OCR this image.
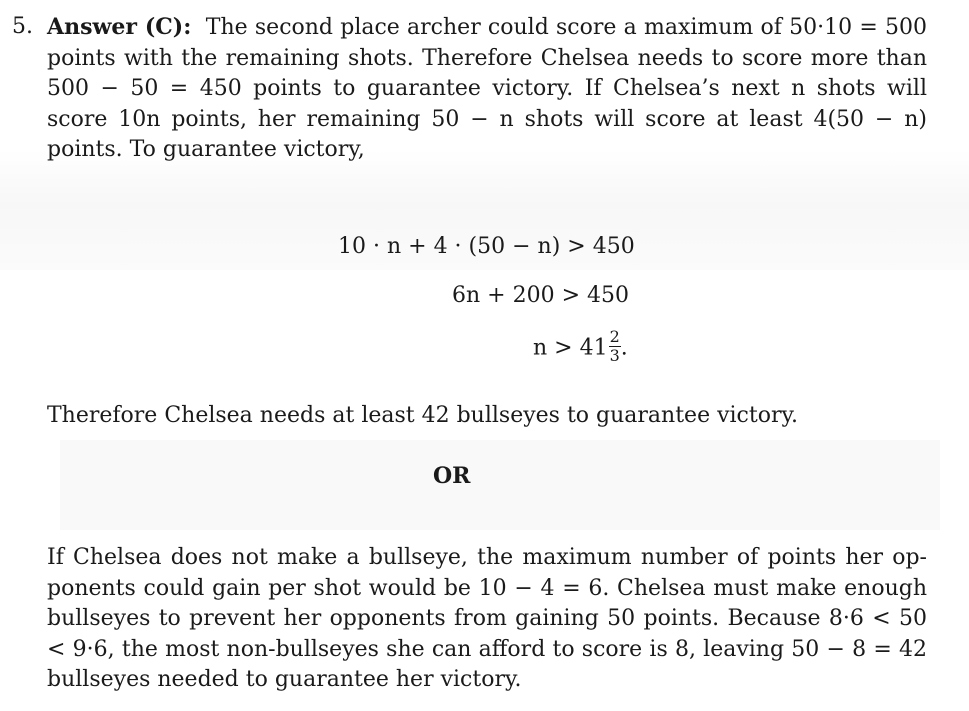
5. Answer (C): The second place archer could score a maximum of 50·10 = 500 points with the remaining shots. Therefore Chelsea needs to score more than 500 − 50 = 450 points to guarantee victory. If Chelsea’s next n shots will score 10n points, her remaining 50 − n shots will score at least 4(50 − n) points. To guarantee victory,

10 · n + 4 · (50 − n) > 450
6n + 200 > 450
$n > 41 \frac{2}{3}$ .

Therefore Chelsea needs at least 42 bullseyes to guarantee victory.

OR

If Chelsea does not make a bullseye, the maximum number of points her op-ponents could gain per shot would be 10 − 4 = 6. Chelsea must make enough bullseyes to prevent her opponents from gaining 50 points. Because 8·6 < 50 < 9·6, the most non-bullseyes she can afford to score is 8, leaving 50 − 8 = 42 bullseyes needed to guarantee her victory.
